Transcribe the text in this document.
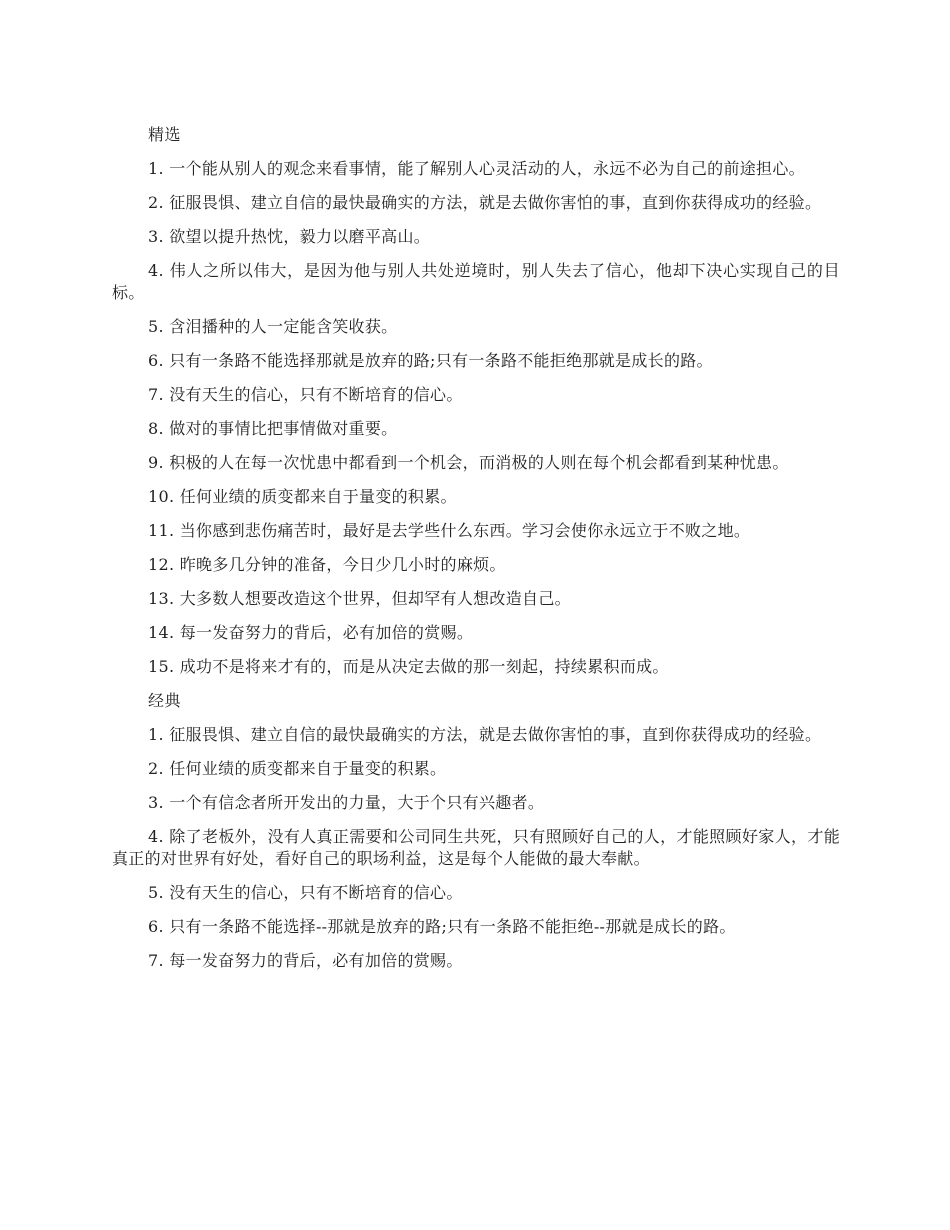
精选

1. 一个能从别人的观念来看事情，能了解别人心灵活动的人，永远不必为自己的前途担心。

2. 征服畏惧、建立自信的最快最确实的方法，就是去做你害怕的事，直到你获得成功的经验。

3. 欲望以提升热忱，毅力以磨平高山。

4. 伟人之所以伟大，是因为他与别人共处逆境时，别人失去了信心，他却下决心实现自己的目标。

5. 含泪播种的人一定能含笑收获。

6. 只有一条路不能选择那就是放弃的路;只有一条路不能拒绝那就是成长的路。

7. 没有天生的信心，只有不断培育的信心。

8. 做对的事情比把事情做对重要。

9. 积极的人在每一次忧患中都看到一个机会，而消极的人则在每个机会都看到某种忧患。

10. 任何业绩的质变都来自于量变的积累。

11. 当你感到悲伤痛苦时，最好是去学些什么东西。学习会使你永远立于不败之地。

12. 昨晚多几分钟的准备，今日少几小时的麻烦。

13. 大多数人想要改造这个世界，但却罕有人想改造自己。

14. 每一发奋努力的背后，必有加倍的赏赐。

15. 成功不是将来才有的，而是从决定去做的那一刻起，持续累积而成。

经典

1. 征服畏惧、建立自信的最快最确实的方法，就是去做你害怕的事，直到你获得成功的经验。

2. 任何业绩的质变都来自于量变的积累。

3. 一个有信念者所开发出的力量，大于个只有兴趣者。

4. 除了老板外，没有人真正需要和公司同生共死，只有照顾好自己的人，才能照顾好家人，才能真正的对世界有好处，看好自己的职场利益，这是每个人能做的最大奉献。

5. 没有天生的信心，只有不断培育的信心。

6. 只有一条路不能选择--那就是放弃的路;只有一条路不能拒绝--那就是成长的路。

7. 每一发奋努力的背后，必有加倍的赏赐。
